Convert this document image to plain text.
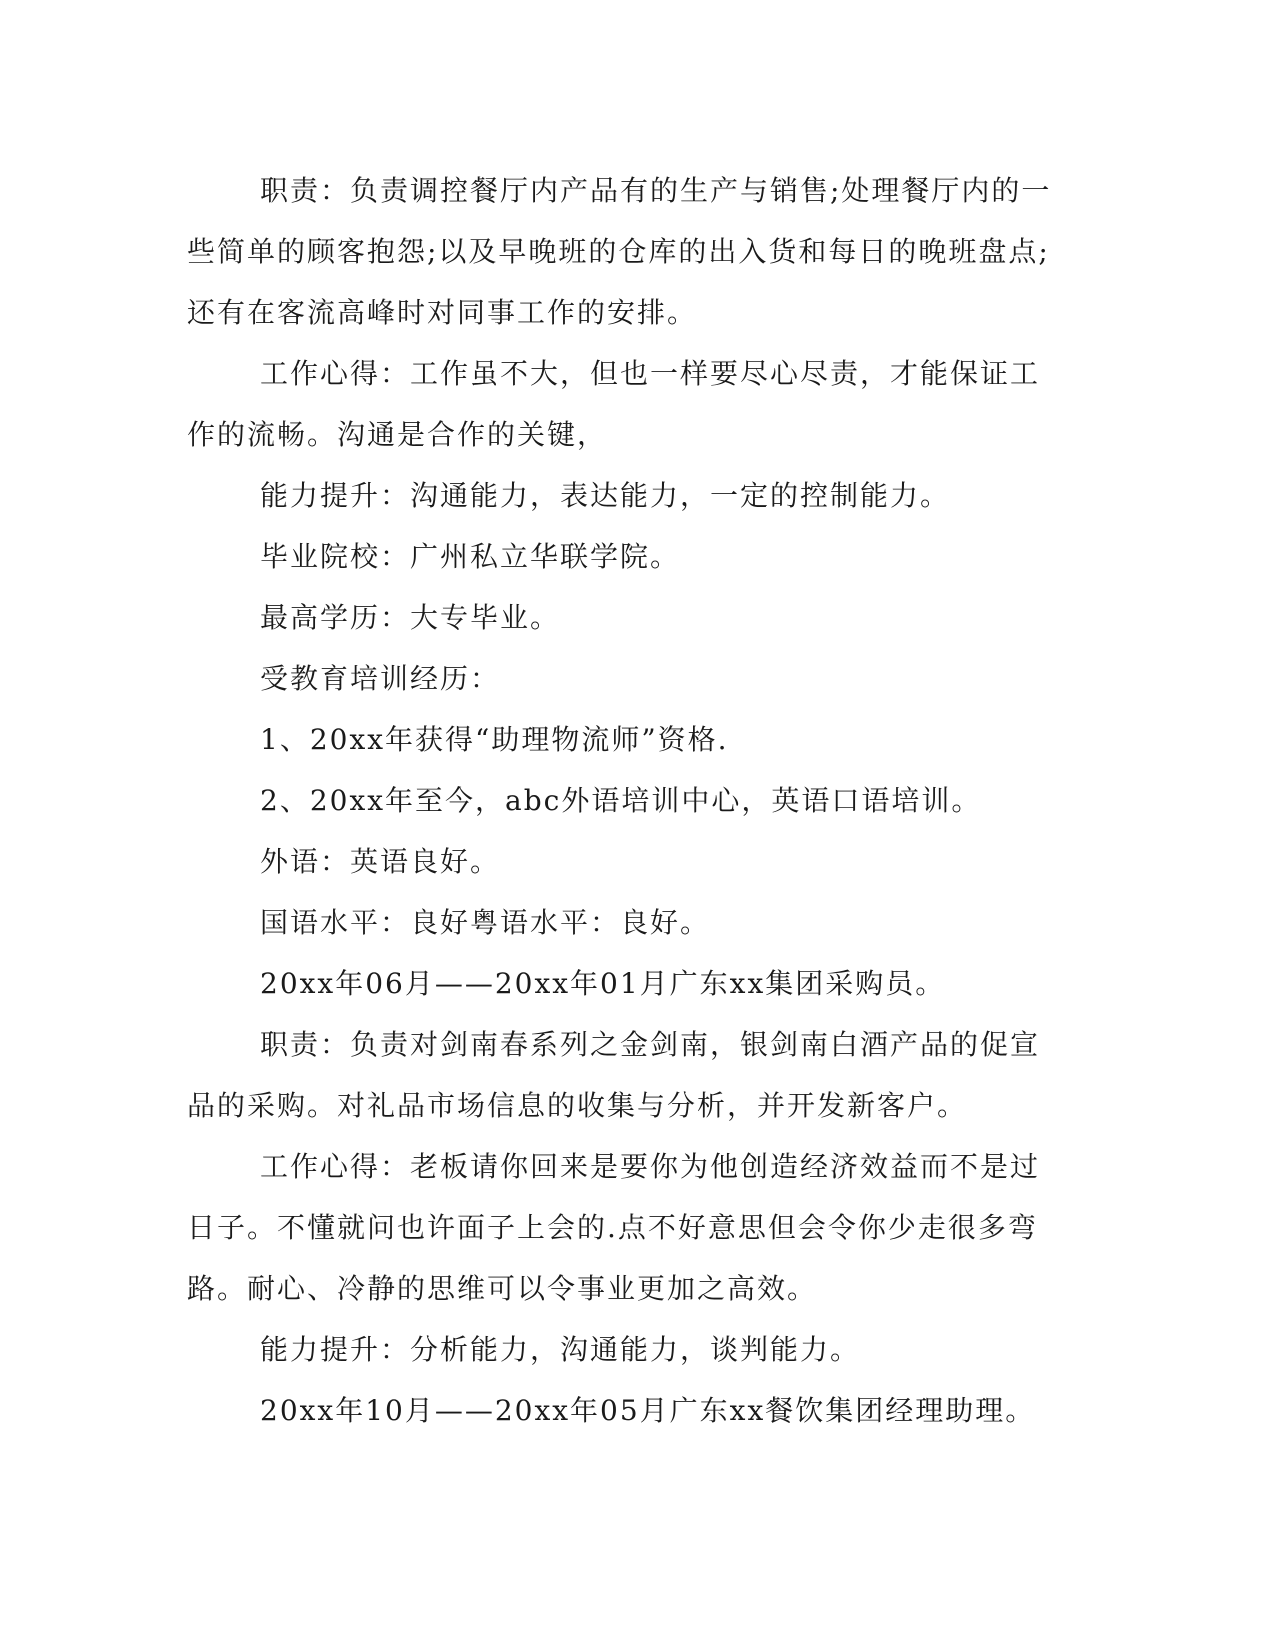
职责：负责调控餐厅内产品有的生产与销售;处理餐厅内的一些简单的顾客抱怨;以及早晚班的仓库的出入货和每日的晚班盘点;还有在客流高峰时对同事工作的安排。

工作心得：工作虽不大，但也一样要尽心尽责，才能保证工作的流畅。沟通是合作的关键，

能力提升：沟通能力，表达能力，一定的控制能力。

毕业院校：广州私立华联学院。

最高学历：大专毕业。

受教育培训经历：

1、20xx年获得“助理物流师”资格.

2、20xx年至今，abc外语培训中心，英语口语培训。

外语：英语良好。

国语水平：良好粤语水平：良好。

20xx年06月——20xx年01月广东xx集团采购员。

职责：负责对剑南春系列之金剑南，银剑南白酒产品的促宣品的采购。对礼品市场信息的收集与分析，并开发新客户。

工作心得：老板请你回来是要你为他创造经济效益而不是过日子。不懂就问也许面子上会的.点不好意思但会令你少走很多弯路。耐心、冷静的思维可以令事业更加之高效。

能力提升：分析能力，沟通能力，谈判能力。

20xx年10月——20xx年05月广东xx餐饮集团经理助理。
